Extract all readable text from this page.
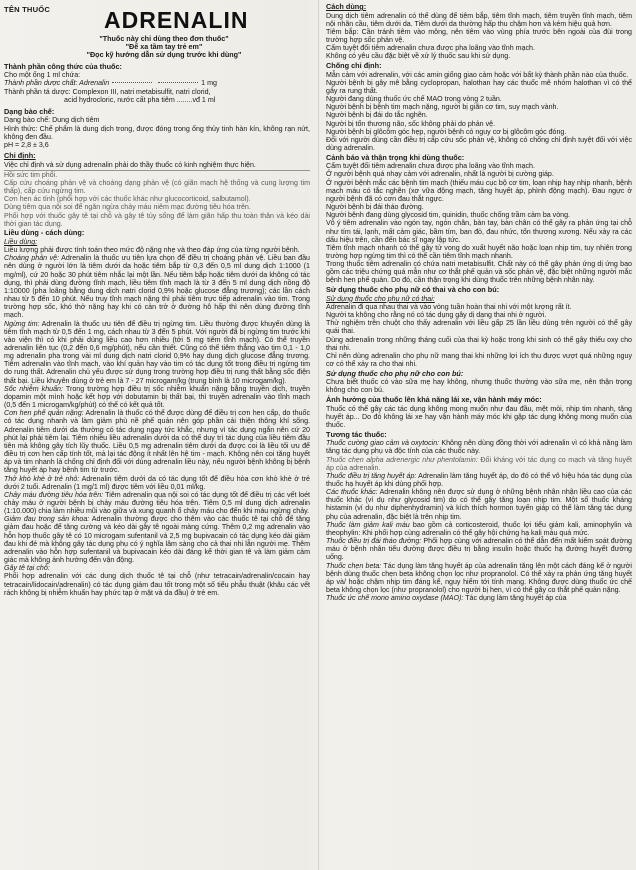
TÊN THUỐC ADRENALIN
"Thuốc này chỉ dùng theo đơn thuốc"
"Để xa tầm tay trẻ em"
"Đọc kỹ hướng dẫn sử dụng trước khi dùng"

Thành phần công thức của thuốc:

Cho một ống 1 ml chứa:

Thành phần dược chất: Adrenalin	1 mg

Thành phần tá dược: Complexon III, natri metabisulfit, natri clorid,

acid hydrocloric, nước cất pha tiêm ........vđ 1 ml

Dạng bào chế:

Dạng bào chế: Dung dịch tiêm

Hình thức: Chế phẩm là dung dịch trong, được đóng trong ống thủy tinh hàn kín, không rạn nứt, không đen đầu.

pH = 2,8 ± 3,6

Chỉ định:

Việc chỉ định và sử dụng adrenalin phải do thầy thuốc có kinh nghiệm thực hiện.

Hồi sức tim phổi.

Cấp cứu choáng phản vệ và choáng dạng phản vệ (có giãn mạch hệ thống và cung lượng tim thấp), cấp cứu ngừng tim.

Cơn hen ác tính (phối hợp với các thuốc khác như glucocorticoid, salbutamol).

Dùng tiêm qua nội soi để ngăn ngừa chảy máu niêm mạc đường tiêu hóa trên.

Phối hợp với thuốc gây tê tại chỗ và gây tê tủy sống để làm giãn hấp thu toàn thân và kéo dài thời gian tác dụng.

Liều dùng - cách dùng:

Liều dùng:

Liều lượng phải được tính toán theo mức độ nặng nhẹ và theo đáp ứng của từng người bệnh.

Choáng phản vệ: Adrenalin là thuốc ưu tiên lựa chọn để điều trị choáng phản vệ. Liều ban đầu nên dùng ở người lớn là tiêm dưới da hoặc tiêm bắp từ 0,3 đến 0,5 ml dung dịch 1:1000 (1 mg/ml), cứ 20 hoặc 30 phút tiêm nhắc lại một lần. Nếu tiêm bắp hoặc tiêm dưới da không có tác dụng, thì phải dùng đường tĩnh mạch, liều tiêm tĩnh mạch là từ 3 đến 5 ml dung dịch nồng độ 1:10000 (pha loãng bằng dung dịch natri clorid 0,9% hoặc glucose đẳng trương); các lần cách nhau từ 5 đến 10 phút. Nếu truy tĩnh mạch nặng thì phải tiêm trực tiếp adrenalin vào tim. Trong trường hợp sốc, khó thở nặng hay khi có cản trở ở đường hô hấp thì nên dùng đường tĩnh mạch.

Ngừng tim: Adrenalin là thuốc ưu tiên để điều trị ngừng tim. Liều thường được khuyến dùng là tiêm tĩnh mạch từ 0,5 đến 1 mg, cách nhau từ 3 đến 5 phút. Với người đã bị ngừng tim trước khi vào viện thì có khi phải dùng liều cao hơn nhiều (tới 5 mg tiêm tĩnh mạch). Có thể truyền adrenalin liên tục (0,2 đến 0,6 mg/phút), nếu cần thiết. Cũng có thể tiêm thẳng vào tim 0,1 - 1,0 mg adrenalin pha trong vài ml dung dịch natri clorid 0,9% hay dung dịch glucose đẳng trương. Tiêm adrenalin vào tĩnh mạch, vào khí quản hay vào tim có tác dụng tốt trong điều trị ngừng tim do rung thất. Adrenalin chủ yếu được sử dụng trong trường hợp điều trị rung thất bằng sốc điện thất bại. Liều khuyên dùng ở trẻ em là 7 - 27 microgam/kg (trung bình là 10 microgam/kg).

Sốc nhiễm khuẩn: Trong trường hợp điều trị sốc nhiễm khuẩn nặng bằng truyền dịch, truyền dopamin một mình hoặc kết hợp với dobutamin bị thất bại, thì truyền adrenalin vào tĩnh mạch (0,5 đến 1 microgam/kg/phút) có thể có kết quả tốt.

Cơn hen phế quản nặng: Adrenalin là thuốc có thể được dùng để điều trị cơn hen cấp, do thuốc có tác dụng nhanh và làm giảm phù nề phế quản nên góp phần cải thiện thông khí sống. Adrenalin tiêm dưới da thường có tác dụng ngay tức khắc, nhưng vì tác dụng ngắn nên cứ 20 phút lại phải tiêm lại. Tiêm nhiều liều adrenalin dưới da có thể duy trì tác dụng của liều tiêm đầu tiên mà không gây tích lũy thuốc. Liều 0,5 mg adrenalin tiêm dưới da được coi là liều tối ưu để điều trị cơn hen cấp tính tốt, mà lại tác động ít nhất lên hệ tim - mạch. Không nên coi tăng huyết áp và tim nhanh là chống chỉ định đối với dùng adrenalin liều này, nếu người bệnh không bị bệnh tăng huyết áp hay bệnh tim từ trước.

Thở khò khè ở trẻ nhỏ: Adrenalin tiêm dưới da có tác dụng tốt để điều hòa cơn khò khè ở trẻ dưới 2 tuổi. Adrenalin (1 mg/1 ml) được tiêm với liều 0,01 ml/kg.

Chảy máu đường tiêu hóa trên: Tiêm adrenalin qua nội soi có tác dụng tốt để điều trị các vết loét chảy máu ở người bệnh bị chảy máu đường tiêu hóa trên. Tiêm 0,5 ml dung dịch adrenalin (1:10.000) chia làm nhiều mũi vào giữa và xung quanh ổ chảy máu cho đến khi máu ngừng chảy.

Giảm đau trong sản khoa: Adrenalin thường được cho thêm vào các thuốc tê tại chỗ để tăng giảm đau hoặc để tăng cường và kéo dài gây tê ngoài màng cứng. Thêm 0,2 mg adrenalin vào hỗn hợp thuốc gây tê có 10 microgam sufentanil và 2,5 mg bupivacain có tác dụng kéo dài giảm đau khi đẻ mà không gây tác dụng phụ có ý nghĩa lâm sàng cho cả thai nhi lẫn người mẹ. Thêm adrenalin vào hỗn hợp sufentanil và bupivacain kéo dài đáng kể thời gian tê và làm giảm cảm giác mà không ảnh hưởng đến vận động.

Gây tê tại chỗ:

Phối hợp adrenalin với các dung dịch thuốc tê tại chỗ (như tetracain/adrenalin/cocain hay tetracain/lidocain/adrenalin) có tác dụng giảm đau tốt trong một số tiểu phẫu thuật (khâu các vết rách không bị nhiễm khuẩn hay phức tạp ở mặt và da đầu) ở trẻ em.

Cách dùng:

Dung dịch tiêm adrenalin có thể dùng để tiêm bắp, tiêm tĩnh mạch, tiêm truyền tĩnh mạch, tiêm nội nhãn cầu, tiêm dưới da. Tiêm dưới da thường hấp thu chậm hơn và kém hiệu quả hơn.

Tiêm bắp: Cần tránh tiêm vào mông, nên tiêm vào vùng phía trước bên ngoài của đùi trong trường hợp sốc phản vệ.

Cẩm tuyệt đối tiêm adrenalin chưa được pha loãng vào tĩnh mạch.

Không có yêu cầu đặc biệt về xử lý thuốc sau khi sử dụng.

Chống chỉ định:

Mẫn cảm với adrenalin, với các amin giống giao cảm hoặc với bất kỳ thành phần nào của thuốc.

Người bệnh bị gây mê bằng cyclopropan, halothan hay các thuốc mê nhóm halothan vì có thể gây ra rung thất.

Người đang dùng thuốc ức chế MAO trong vòng 2 tuần.

Người bệnh bị bệnh tim mạch nặng, người bị giãn cơ tim, suy mạch vành.

Người bệnh bị đái do tắc nghẽn.

Người bị tổn thương não, sốc không phải do phản vệ.

Người bệnh bị glôcôm góc hẹp, người bệnh có nguy cơ bị glôcôm góc đóng.

Đối với người dùng cần điều trị cấp cứu sốc phản vệ, không có chống chỉ định tuyệt đối với việc dùng adrenalin.

Cảnh báo và thận trọng khi dùng thuốc:

Cẩm tuyệt đối tiêm adrenalin chưa được pha loãng vào tĩnh mạch.

Ở người bệnh quá nhạy cảm với adrenalin, nhất là người bị cường giáp.

Ở người bệnh mắc các bệnh tim mạch (thiếu máu cục bộ cơ tim, loạn nhịp hay nhịp nhanh, bệnh mạch máu có tắc nghẽn (xơ vữa động mạch, tăng huyết áp, phình động mạch). Đau ngực ở người bệnh đã có cơn đau thắt ngực.

Người bệnh bị đái tháo đường.

Người bệnh đang dùng glycosid tim, quinidin, thuốc chống trầm cảm ba vòng.

Vô ý tiêm adrenalin vào ngón tay, ngón chân, bàn tay, bàn chân có thể gây ra phản ứng tại chỗ như tím tái, lạnh, mất cảm giác, bầm tím, ban đỏ, đau nhức, tổn thương xương. Nếu xảy ra các dấu hiệu trên, cần đến bác sĩ ngay lập tức.

Tiêm tĩnh mạch nhanh có thể gây tử vong do xuất huyết não hoặc loạn nhịp tim, tuy nhiên trong trường hợp ngừng tim thì có thể cần tiêm tĩnh mạch nhanh.

Trong thuốc tiêm adrenalin có chứa natri metabisulfit. Chất này có thể gây phản ứng dị ứng bao gồm các triệu chứng quá mẫn như cơ thắt phế quản và sốc phản vệ, đặc biệt những người mắc bệnh hen phế quản. Do đó, cần thận trọng khi dùng thuốc trên những bệnh nhân này.

Sử dụng thuốc cho phụ nữ có thai và cho con bú:

Sử dụng thuốc cho phụ nữ có thai:

Adrenalin đi qua nhau thai và vào vòng tuần hoàn thai nhi với một lượng rất ít.

Người ta không cho rằng nó có tác dụng gây dị dạng thai nhi ở người.

Thử nghiệm trên chuột cho thấy adrenalin với liều gấp 25 lần liều dùng trên người có thể gây quái thai.

Dùng adrenalin trong những tháng cuối của thai kỳ hoặc trong khi sinh có thể gây thiếu oxy cho thai nhi.

Chỉ nên dùng adrenalin cho phụ nữ mang thai khi những lợi ích thu được vượt quá những nguy cơ có thể xảy ra cho thai nhi.

Sử dụng thuốc cho phụ nữ cho con bú:

Chưa biết thuốc có vào sữa mẹ hay không, nhưng thuốc thường vào sữa mẹ, nên thận trọng không cho con bú.

Ảnh hưởng của thuốc lên khả năng lái xe, vận hành máy móc:

Thuốc có thể gây các tác dụng không mong muốn như đau đầu, mệt mỏi, nhịp tim nhanh, tăng huyết áp... Do đó không lái xe hay vận hành máy móc khi gặp tác dụng không mong muốn của thuốc.

Tương tác thuốc:

Thuốc cường giao cảm và oxytocin: Không nên dùng đồng thời với adrenalin vì có khả năng làm tăng tác dụng phụ và độc tính của các thuốc này.

Thuốc chẹn alpha adrenergic như phentolamin: Đối kháng với tác dụng co mạch và tăng huyết áp của adrenalin.

Thuốc điều trị tăng huyết áp: Adrenalin làm tăng huyết áp, do đó có thể vô hiệu hóa tác dụng của thuốc hạ huyết áp khi dùng phối hợp.

Các thuốc khác: Adrenalin không nên được sử dụng ở những bệnh nhân nhận liều cao của các thuốc khác (ví dụ như glycosid tim) do có thể gây tăng loạn nhịp tim. Một số thuốc kháng histamin (ví dụ như diphenhydramin) và kích thích hormon tuyến giáp có thể làm tăng tác dụng phụ của adrenalin, đặc biệt là trên nhịp tim.

Thuốc làm giảm kali máu bao gồm cả corticosteroid, thuốc lợi tiểu giảm kali, aminophylin và theophylin: Khi phối hợp cùng adrenalin có thể gây hội chứng hạ kali máu quá mức.

Thuốc điều trị đái tháo đường: Phối hợp cùng với adrenalin có thể dẫn đến mất kiểm soát đường máu ở bệnh nhân tiểu đường được điều trị bằng insulin hoặc thuốc hạ đường huyết đường uống.

Thuốc chẹn beta: Tác dụng làm tăng huyết áp của adrenalin tăng lên một cách đáng kể ở người bệnh dùng thuốc chẹn beta không chọn lọc như propranolol. Có thể xảy ra phản ứng tăng huyết áp và/ hoặc chậm nhịp tim đáng kể, nguy hiểm tới tính mạng. Không được dùng thuốc ức chế beta không chọn lọc (như propranolol) cho người bị hen, vì có thể gây co thắt phế quản nặng.

Thuốc ức chế mono amino oxydase (MAO): Tác dụng làm tăng huyết áp của
